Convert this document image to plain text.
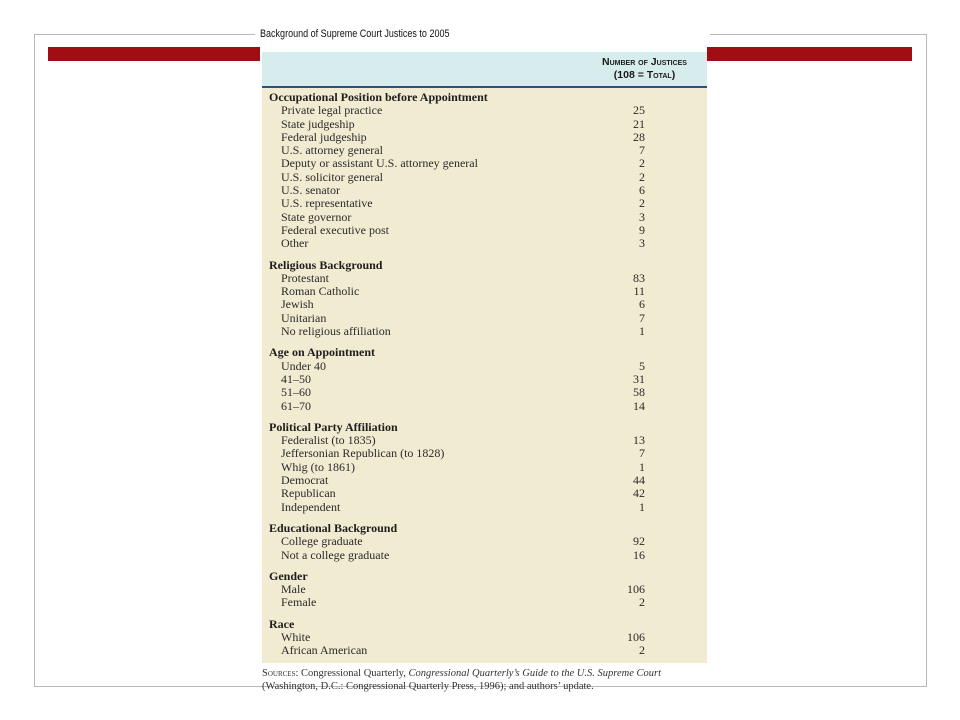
Background of Supreme Court Justices to 2005
Number of Justices
(108 = Total)
Occupational Position before Appointment
Private legal practice	25
State judgeship	21
Federal judgeship	28
U.S. attorney general	7
Deputy or assistant U.S. attorney general	2
U.S. solicitor general	2
U.S. senator	6
U.S. representative	2
State governor	3
Federal executive post	9
Other	3
Religious Background
Protestant	83
Roman Catholic	11
Jewish	6
Unitarian	7
No religious affiliation	1
Age on Appointment
Under 40	5
41–50	31
51–60	58
61–70	14
Political Party Affiliation
Federalist (to 1835)	13
Jeffersonian Republican (to 1828)	7
Whig (to 1861)	1
Democrat	44
Republican	42
Independent	1
Educational Background
College graduate	92
Not a college graduate	16
Gender
Male	106
Female	2
Race
White	106
African American	2
Sources: Congressional Quarterly, Congressional Quarterly’s Guide to the U.S. Supreme Court (Washington, D.C.: Congressional Quarterly Press, 1996); and authors’ update.
